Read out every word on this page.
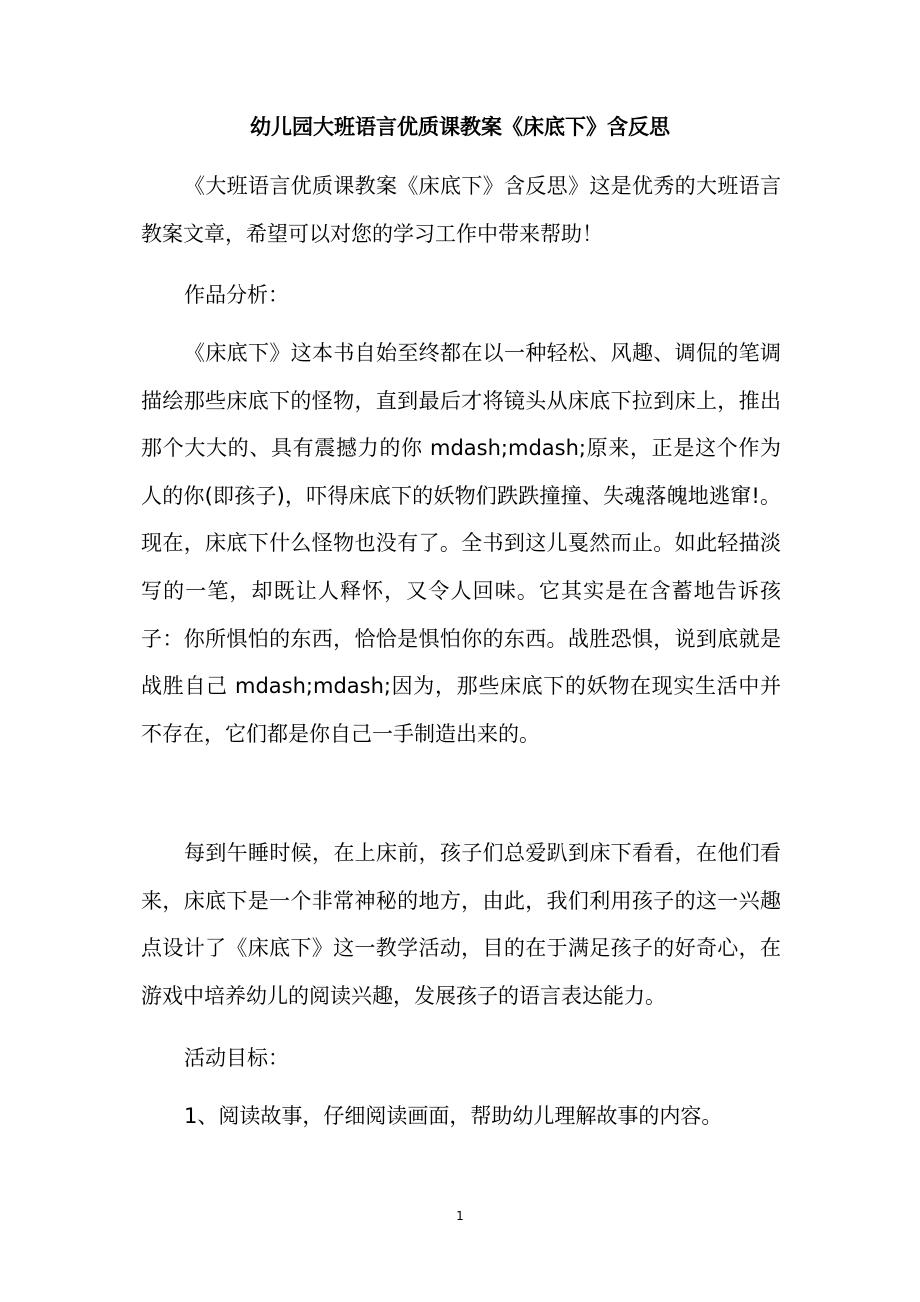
幼儿园大班语言优质课教案《床底下》含反思

《大班语言优质课教案《床底下》含反思》这是优秀的大班语言教案文章，希望可以对您的学习工作中带来帮助！

作品分析：

《床底下》这本书自始至终都在以一种轻松、风趣、调侃的笔调描绘那些床底下的怪物，直到最后才将镜头从床底下拉到床上，推出那个大大的、具有震撼力的你 mdash;mdash;原来，正是这个作为人的你(即孩子)，吓得床底下的妖物们跌跌撞撞、失魂落魄地逃窜!。现在，床底下什么怪物也没有了。全书到这儿戛然而止。如此轻描淡写的一笔，却既让人释怀，又令人回味。它其实是在含蓄地告诉孩子：你所惧怕的东西，恰恰是惧怕你的东西。战胜恐惧，说到底就是战胜自己 mdash;mdash;因为，那些床底下的妖物在现实生活中并不存在，它们都是你自己一手制造出来的。

每到午睡时候，在上床前，孩子们总爱趴到床下看看，在他们看来，床底下是一个非常神秘的地方，由此，我们利用孩子的这一兴趣点设计了《床底下》这一教学活动，目的在于满足孩子的好奇心，在游戏中培养幼儿的阅读兴趣，发展孩子的语言表达能力。

活动目标：

1、阅读故事，仔细阅读画面，帮助幼儿理解故事的内容。

1
